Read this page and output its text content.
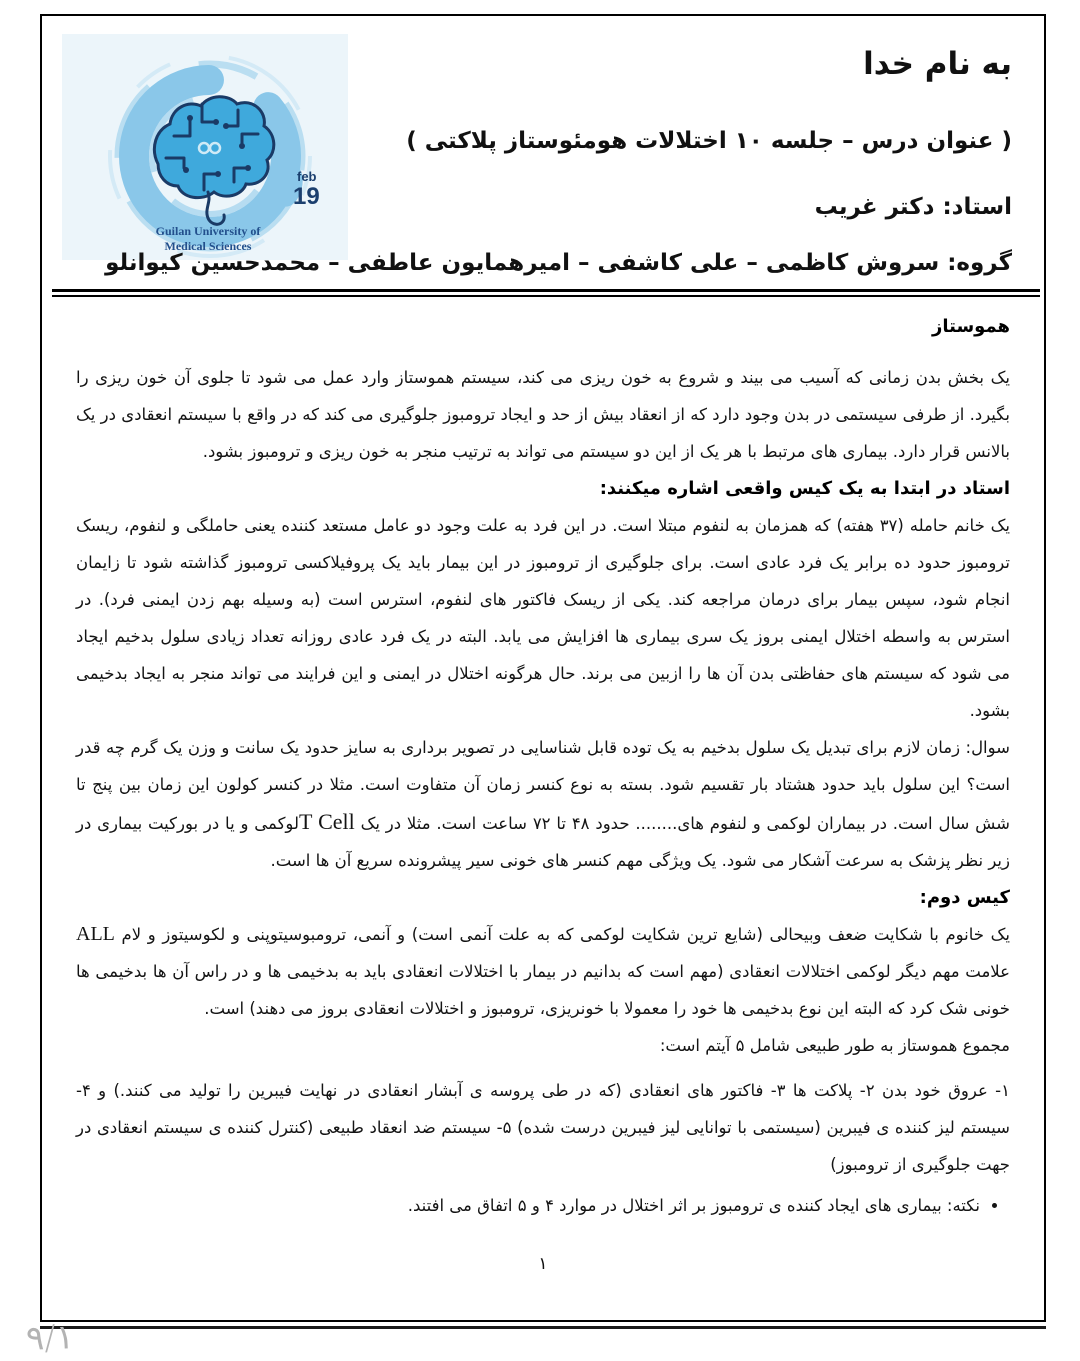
feb
19
Guilan University of
Medical Sciences
به نام خدا
( عنوان درس – جلسه ۱۰ اختلالات هومئوستاز پلاکتی )
استاد: دکتر غریب
گروه: سروش کاظمی – علی کاشفی – امیرهمایون عاطفی – محمدحسین کیوانلو
هموستاز

یک بخش بدن زمانی که آسیب می بیند و شروع به خون ریزی می کند، سیستم هموستاز وارد عمل می شود تا جلوی آن خون ریزی را بگیرد. از طرفی سیستمی در بدن وجود دارد که از انعقاد بیش از حد و ایجاد ترومبوز جلوگیری می کند که در واقع با سیستم انعقادی در یک بالانس قرار دارد. بیماری های مرتبط با هر یک از این دو سیستم می تواند به ترتیب منجر به خون ریزی و ترومبوز بشود.

استاد در ابتدا به یک کیس واقعی اشاره میکنند:

یک خانم حامله (۳۷ هفته) که همزمان به لنفوم مبتلا است. در این فرد به علت وجود دو عامل مستعد کننده یعنی حاملگی و لنفوم، ریسک ترومبوز حدود ده برابر یک فرد عادی است. برای جلوگیری از ترومبوز در این بیمار باید یک پروفیلاکسی ترومبوز گذاشته شود تا زایمان انجام شود، سپس بیمار برای درمان مراجعه کند. یکی از ریسک فاکتور های لنفوم، استرس است (به وسیله بهم زدن ایمنی فرد). در استرس به واسطه اختلال ایمنی بروز یک سری بیماری ها افزایش می یابد. البته در یک فرد عادی روزانه تعداد زیادی سلول بدخیم ایجاد می شود که سیستم های حفاظتی بدن آن ها را ازبین می برند. حال هرگونه اختلال در ایمنی و این فرایند می تواند منجر به ایجاد بدخیمی بشود.

سوال: زمان لازم برای تبدیل یک سلول بدخیم به یک توده قابل شناسایی در تصویر برداری به سایز حدود یک سانت و وزن یک گرم چه قدر است؟ این سلول باید حدود هشتاد بار تقسیم شود. بسته به نوع کنسر زمان آن متفاوت است. مثلا در کنسر کولون این زمان بین پنج تا شش سال است. در بیماران لوکمی و لنفوم های........ حدود ۴۸ تا ۷۲ ساعت است. مثلا در یک T Cellلوکمی و یا در بورکیت بیماری در زیر نظر پزشک به سرعت آشکار می شود. یک ویژگی مهم کنسر های خونی سیر پیشرونده سریع آن ها است.

کیس دوم:

یک خانوم با شکایت ضعف وبیحالی (شایع ترین شکایت لوکمی که به علت آنمی است) و آنمی، ترومبوسیتوپنی و لکوسیتوز و لام ALL علامت مهم دیگر لوکمی اختلالات انعقادی (مهم است که بدانیم در بیمار با اختلالات انعقادی باید به بدخیمی ها و در راس آن ها بدخیمی ها خونی شک کرد که البته این نوع بدخیمی ها خود را معمولا با خونریزی، ترومبوز و اختلالات انعقادی بروز می دهند) است.

مجموع هموستاز به طور طبیعی شامل ۵ آیتم است:

۱- عروق خود بدن ۲- پلاکت ها ۳- فاکتور های انعقادی (که در طی پروسه ی آبشار انعقادی در نهایت فیبرین را تولید می کنند.) و ۴- سیستم لیز کننده ی فیبرین (سیستمی با توانایی لیز فیبرین درست شده) ۵- سیستم ضد انعقاد طبیعی (کنترل کننده ی سیستم انعقادی در جهت جلوگیری از ترومبوز)

• نکته: بیماری های ایجاد کننده ی ترومبوز بر اثر اختلال در موارد ۴ و ۵ اتفاق می افتند.
۱
۹/۱
